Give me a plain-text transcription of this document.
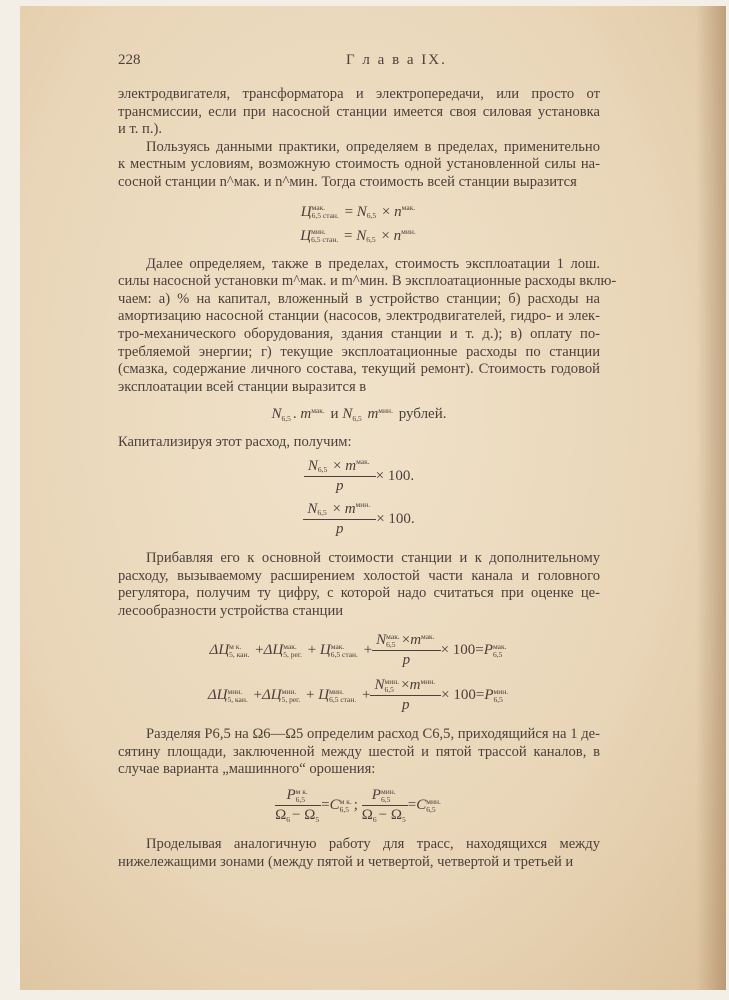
228	Г л а в а IX.
электродвигателя, трансформатора и электропередачи, или просто от
трансмиссии, если при насосной станции имеется своя силовая установка
и т. п.).
Пользуясь данными практики, определяем в пределах, применительно
к местным условиям, возможную стоимость одной установленной силы на-
сосной станции n^мак. и n^мин. Тогда стоимость всей станции выразится
Ц мак.
6,5 стан. = N
6,5 × n мак.

Ц мин.
6,5 стан. = N
6,5 × n мин.

Далее определяем, также в пределах, стоимость эксплоатации 1 лош.
силы насосной установки m^мак. и m^мин. В эксплоатационные расходы вклю-
чаем: а) % на капитал, вложенный в устройство станции; б) расходы на
амортизацию насосной станции (насосов, электродвигателей, гидро- и элек-
тро-механического оборудования, здания станции и т. д.); в) оплату по-
требляемой энергии; г) текущие эксплоатационные расходы по станции
(смазка, содержание личного состава, текущий ремонт). Стоимость годовой
эксплоатации всей станции выразится в
N
6,5 . m мак.
и N
6,5 m мин.
рублей.
Капитализируя этот расход, получим:
N
6,5 × m мак.

p × 100.
N
6,5 × m мин.

p × 100.
Прибавляя его к основной стоимости станции и к дополнительному
расходу, вызываемому расширением холостой части канала и головного
регулятора, получим ту цифру, с которой надо считаться при оценке це-
лесообразности устройства станции
ΔЦ м к.
5, кан. +ΔЦ мак.
5, рег. + Ц мак.
6,5 стан. + N мак.
6,5 ×m мак.

p × 100=P мак.
6,5
ΔЦ мин.
5, кан. +ΔЦ мин.
5, рег. + Ц мин.
6,5 стан. + N мин.
6,5 ×m мин.

p × 100=P мин.
6,5
Разделяя P6,5 на Ω6—Ω5 определим расход C6,5, приходящийся на 1 де-
сятину площади, заключенной между шестой и пятой трассой каналов, в
случае варианта „машинного“ орошения:
P м к.
6,5
Ω
6 − Ω
5 =C м к.
6,5 ; P мин.
6,5
Ω
6 − Ω
5 =C мин.
6,5
Проделывая аналогичную работу для трасс, находящихся между
нижележащими зонами (между пятой и четвертой, четвертой и третьей и
